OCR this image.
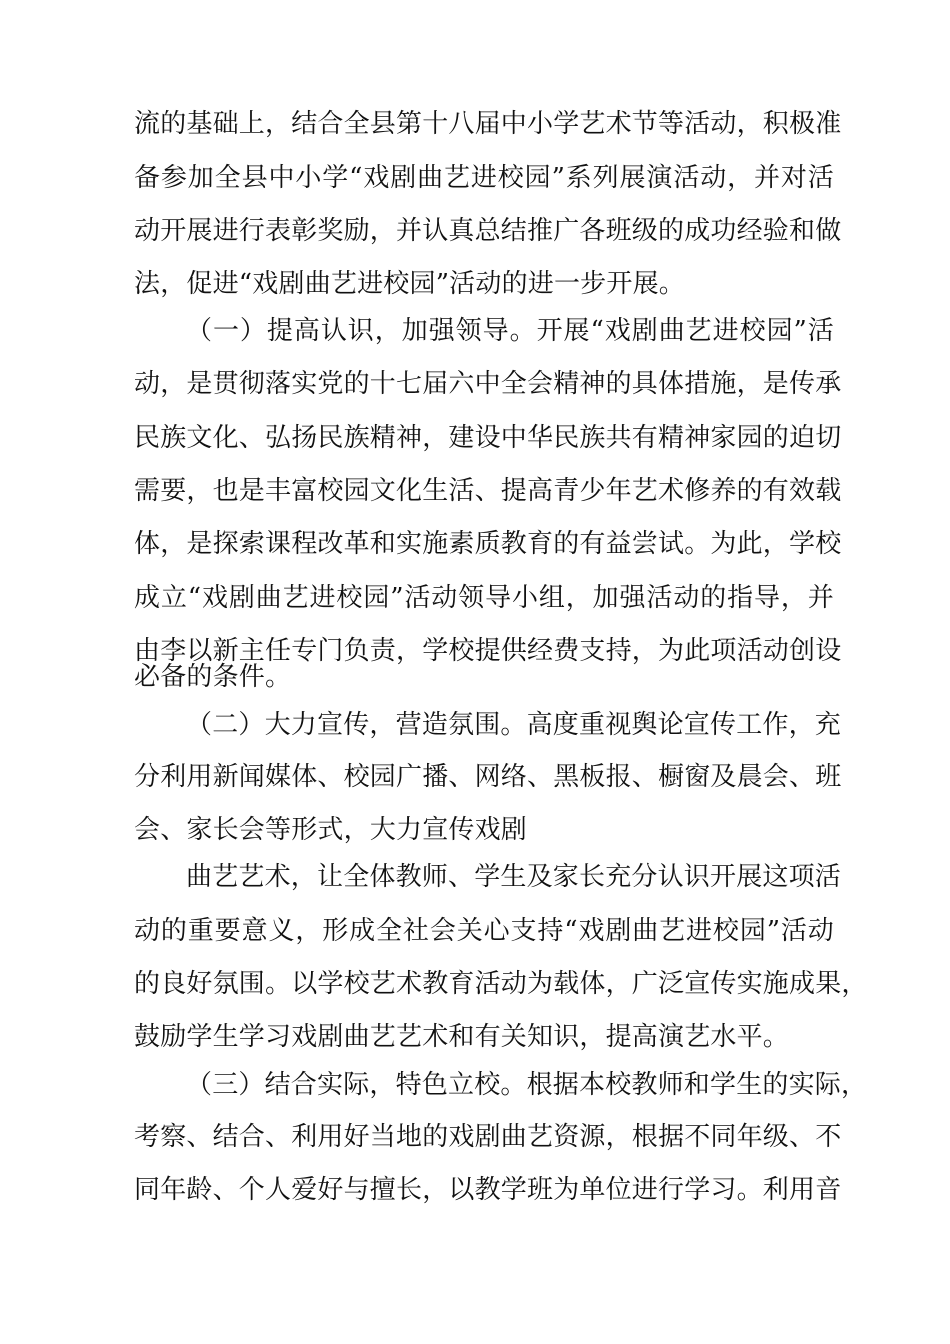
流的基础上，结合全县第十八届中小学艺术节等活动，积极准
备参加全县中小学“戏剧曲艺进校园”系列展演活动，并对活
动开展进行表彰奖励，并认真总结推广各班级的成功经验和做
法，促进“戏剧曲艺进校园”活动的进一步开展。
（一）提高认识，加强领导。开展“戏剧曲艺进校园”活
动，是贯彻落实党的十七届六中全会精神的具体措施，是传承
民族文化、弘扬民族精神，建设中华民族共有精神家园的迫切
需要，也是丰富校园文化生活、提高青少年艺术修养的有效载
体，是探索课程改革和实施素质教育的有益尝试。为此，学校
成立“戏剧曲艺进校园”活动领导小组，加强活动的指导，并
由李以新主任专门负责，学校提供经费支持，为此项活动创设
必备的条件。
（二）大力宣传，营造氛围。高度重视舆论宣传工作，充
分利用新闻媒体、校园广播、网络、黑板报、橱窗及晨会、班
会、家长会等形式，大力宣传戏剧
曲艺艺术，让全体教师、学生及家长充分认识开展这项活
动的重要意义，形成全社会关心支持“戏剧曲艺进校园”活动
的良好氛围。以学校艺术教育活动为载体，广泛宣传实施成果，
鼓励学生学习戏剧曲艺艺术和有关知识，提高演艺水平。
（三）结合实际，特色立校。根据本校教师和学生的实际，
考察、结合、利用好当地的戏剧曲艺资源，根据不同年级、不
同年龄、个人爱好与擅长，以教学班为单位进行学习。利用音
